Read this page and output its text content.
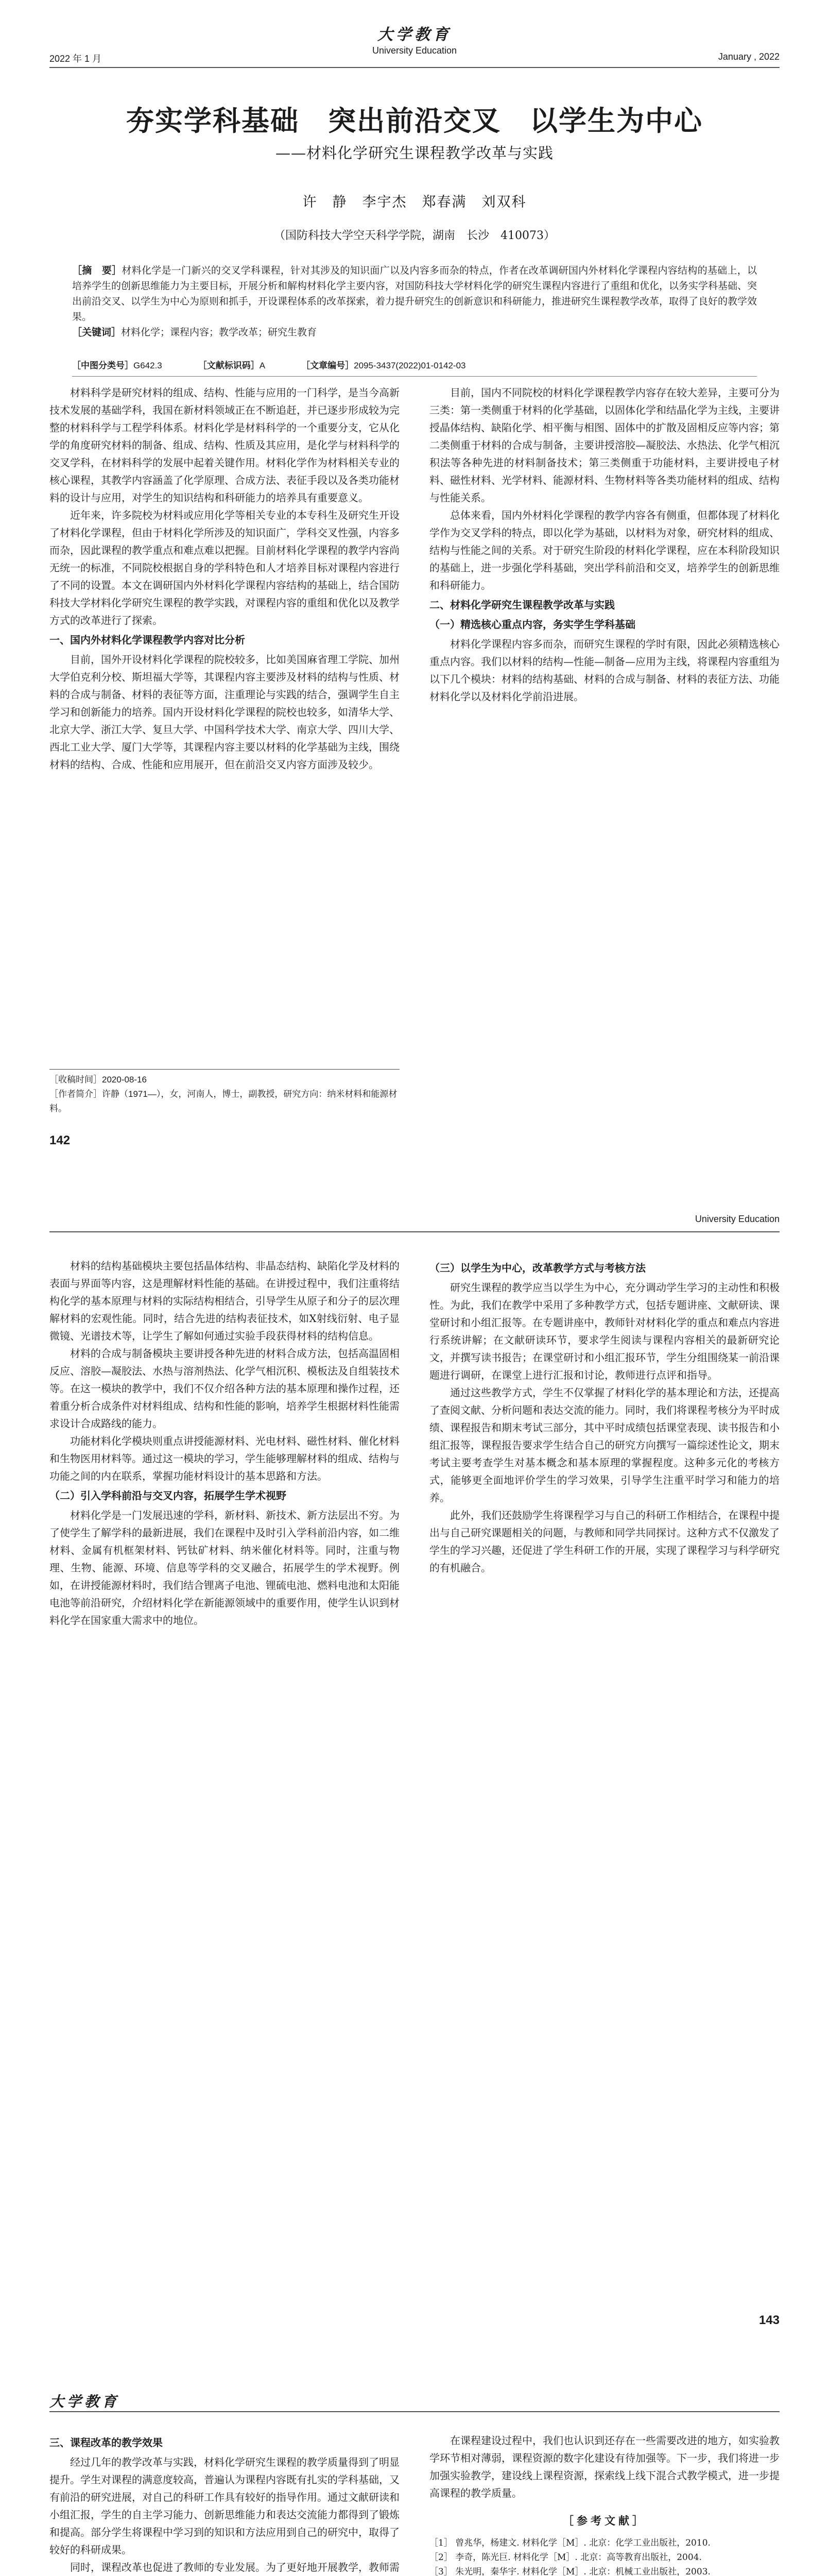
大学教育
University Education
2022 年 1 月	January , 2022
夯实学科基础　突出前沿交叉　以学生为中心
——材料化学研究生课程教学改革与实践
许　静　李宇杰　郑春满　刘双科
（国防科技大学空天科学学院，湖南　长沙　410073）
［摘　要］材料化学是一门新兴的交叉学科课程，针对其涉及的知识面广以及内容多而杂的特点，作者在改革调研国内外材料化学课程内容结构的基础上，以培养学生的创新思维能力为主要目标，开展分析和解构材料化学主要内容，对国防科技大学材料化学的研究生课程内容进行了重组和优化，以务实学科基础、突出前沿交叉、以学生为中心为原则和抓手，开设课程体系的改革探索，着力提升研究生的创新意识和科研能力，推进研究生课程教学改革，取得了良好的教学效果。
［关键词］材料化学；课程内容；教学改革；研究生教育
［中图分类号］G642.3	［文献标识码］A	［文章编号］2095-3437(2022)01-0142-03

材料科学是研究材料的组成、结构、性能与应用的一门科学，是当今高新技术发展的基础学科，我国在新材料领域正在不断追赶，并已逐步形成较为完整的材料科学与工程学科体系。材料化学是材料科学的一个重要分支，它从化学的角度研究材料的制备、组成、结构、性质及其应用，是化学与材料科学的交叉学科，在材料科学的发展中起着关键作用。材料化学作为材料相关专业的核心课程，其教学内容涵盖了化学原理、合成方法、表征手段以及各类功能材料的设计与应用，对学生的知识结构和科研能力的培养具有重要意义。

近年来，许多院校为材料或应用化学等相关专业的本专科生及研究生开设了材料化学课程，但由于材料化学所涉及的知识面广，学科交叉性强，内容多而杂，因此课程的教学重点和难点难以把握。目前材料化学课程的教学内容尚无统一的标准，不同院校根据自身的学科特色和人才培养目标对课程内容进行了不同的设置。本文在调研国内外材料化学课程内容结构的基础上，结合国防科技大学材料化学研究生课程的教学实践，对课程内容的重组和优化以及教学方式的改革进行了探索。

一、国内外材料化学课程教学内容对比分析

目前，国外开设材料化学课程的院校较多，比如美国麻省理工学院、加州大学伯克利分校、斯坦福大学等，其课程内容主要涉及材料的结构与性质、材料的合成与制备、材料的表征等方面，注重理论与实践的结合，强调学生自主学习和创新能力的培养。国内开设材料化学课程的院校也较多，如清华大学、北京大学、浙江大学、复旦大学、中国科学技术大学、南京大学、四川大学、西北工业大学、厦门大学等，其课程内容主要以材料的化学基础为主线，围绕材料的结构、合成、性能和应用展开，但在前沿交叉内容方面涉及较少。

目前，国内不同院校的材料化学课程教学内容存在较大差异，主要可分为三类：第一类侧重于材料的化学基础，以固体化学和结晶化学为主线，主要讲授晶体结构、缺陷化学、相平衡与相图、固体中的扩散及固相反应等内容；第二类侧重于材料的合成与制备，主要讲授溶胶—凝胶法、水热法、化学气相沉积法等各种先进的材料制备技术；第三类侧重于功能材料，主要讲授电子材料、磁性材料、光学材料、能源材料、生物材料等各类功能材料的组成、结构与性能关系。

总体来看，国内外材料化学课程的教学内容各有侧重，但都体现了材料化学作为交叉学科的特点，即以化学为基础，以材料为对象，研究材料的组成、结构与性能之间的关系。对于研究生阶段的材料化学课程，应在本科阶段知识的基础上，进一步强化学科基础，突出学科前沿和交叉，培养学生的创新思维和科研能力。

二、材料化学研究生课程教学改革与实践
（一）精选核心重点内容，务实学生学科基础

材料化学课程内容多而杂，而研究生课程的学时有限，因此必须精选核心重点内容。我们以材料的结构—性能—制备—应用为主线，将课程内容重组为以下几个模块：材料的结构基础、材料的合成与制备、材料的表征方法、功能材料化学以及材料化学前沿进展。

［收稿时间］2020-08-16
［作者简介］许静（1971—），女，河南人，博士，副教授，研究方向：纳米材料和能源材料。
142
University Education

材料的结构基础模块主要包括晶体结构、非晶态结构、缺陷化学及材料的表面与界面等内容，这是理解材料性能的基础。在讲授过程中，我们注重将结构化学的基本原理与材料的实际结构相结合，引导学生从原子和分子的层次理解材料的宏观性能。同时，结合先进的结构表征技术，如X射线衍射、电子显微镜、光谱技术等，让学生了解如何通过实验手段获得材料的结构信息。

材料的合成与制备模块主要讲授各种先进的材料合成方法，包括高温固相反应、溶胶—凝胶法、水热与溶剂热法、化学气相沉积、模板法及自组装技术等。在这一模块的教学中，我们不仅介绍各种方法的基本原理和操作过程，还着重分析合成条件对材料组成、结构和性能的影响，培养学生根据材料性能需求设计合成路线的能力。

功能材料化学模块则重点讲授能源材料、光电材料、磁性材料、催化材料和生物医用材料等。通过这一模块的学习，学生能够理解材料的组成、结构与功能之间的内在联系，掌握功能材料设计的基本思路和方法。

（二）引入学科前沿与交叉内容，拓展学生学术视野

材料化学是一门发展迅速的学科，新材料、新技术、新方法层出不穷。为了使学生了解学科的最新进展，我们在课程中及时引入学科前沿内容，如二维材料、金属有机框架材料、钙钛矿材料、纳米催化材料等。同时，注重与物理、生物、能源、环境、信息等学科的交叉融合，拓展学生的学术视野。例如，在讲授能源材料时，我们结合锂离子电池、锂硫电池、燃料电池和太阳能电池等前沿研究，介绍材料化学在新能源领域中的重要作用，使学生认识到材料化学在国家重大需求中的地位。

（三）以学生为中心，改革教学方式与考核方法

研究生课程的教学应当以学生为中心，充分调动学生学习的主动性和积极性。为此，我们在教学中采用了多种教学方式，包括专题讲座、文献研读、课堂研讨和小组汇报等。在专题讲座中，教师针对材料化学的重点和难点内容进行系统讲解；在文献研读环节，要求学生阅读与课程内容相关的最新研究论文，并撰写读书报告；在课堂研讨和小组汇报环节，学生分组围绕某一前沿课题进行调研，在课堂上进行汇报和讨论，教师进行点评和指导。

通过这些教学方式，学生不仅掌握了材料化学的基本理论和方法，还提高了查阅文献、分析问题和表达交流的能力。同时，我们将课程考核分为平时成绩、课程报告和期末考试三部分，其中平时成绩包括课堂表现、读书报告和小组汇报等，课程报告要求学生结合自己的研究方向撰写一篇综述性论文，期末考试主要考查学生对基本概念和基本原理的掌握程度。这种多元化的考核方式，能够更全面地评价学生的学习效果，引导学生注重平时学习和能力的培养。

此外，我们还鼓励学生将课程学习与自己的科研工作相结合，在课程中提出与自己研究课题相关的问题，与教师和同学共同探讨。这种方式不仅激发了学生的学习兴趣，还促进了学生科研工作的开展，实现了课程学习与科学研究的有机融合。

143
大学教育
三、课程改革的教学效果

经过几年的教学改革与实践，材料化学研究生课程的教学质量得到了明显提升。学生对课程的满意度较高，普遍认为课程内容既有扎实的学科基础，又有前沿的研究进展，对自己的科研工作具有较好的指导作用。通过文献研读和小组汇报，学生的自主学习能力、创新思维能力和表达交流能力都得到了锻炼和提高。部分学生将课程中学习到的知识和方法应用到自己的研究中，取得了较好的科研成果。

同时，课程改革也促进了教师的专业发展。为了更好地开展教学，教师需

在课程建设过程中，我们也认识到还存在一些需要改进的地方，如实验教学环节相对薄弱，课程资源的数字化建设有待加强等。下一步，我们将进一步加强实验教学，建设线上课程资源，探索线上线下混合式教学模式，进一步提高课程的教学质量。

［参考文献］
［1］ 曾兆华，杨建文. 材料化学［M］. 北京：化学工业出版社，2010.
［2］ 李奇，陈光巨. 材料化学［M］. 北京：高等教育出版社，2004.
［3］ 朱光明，秦华宇. 材料化学［M］. 北京：机械工业出版社，2003.
